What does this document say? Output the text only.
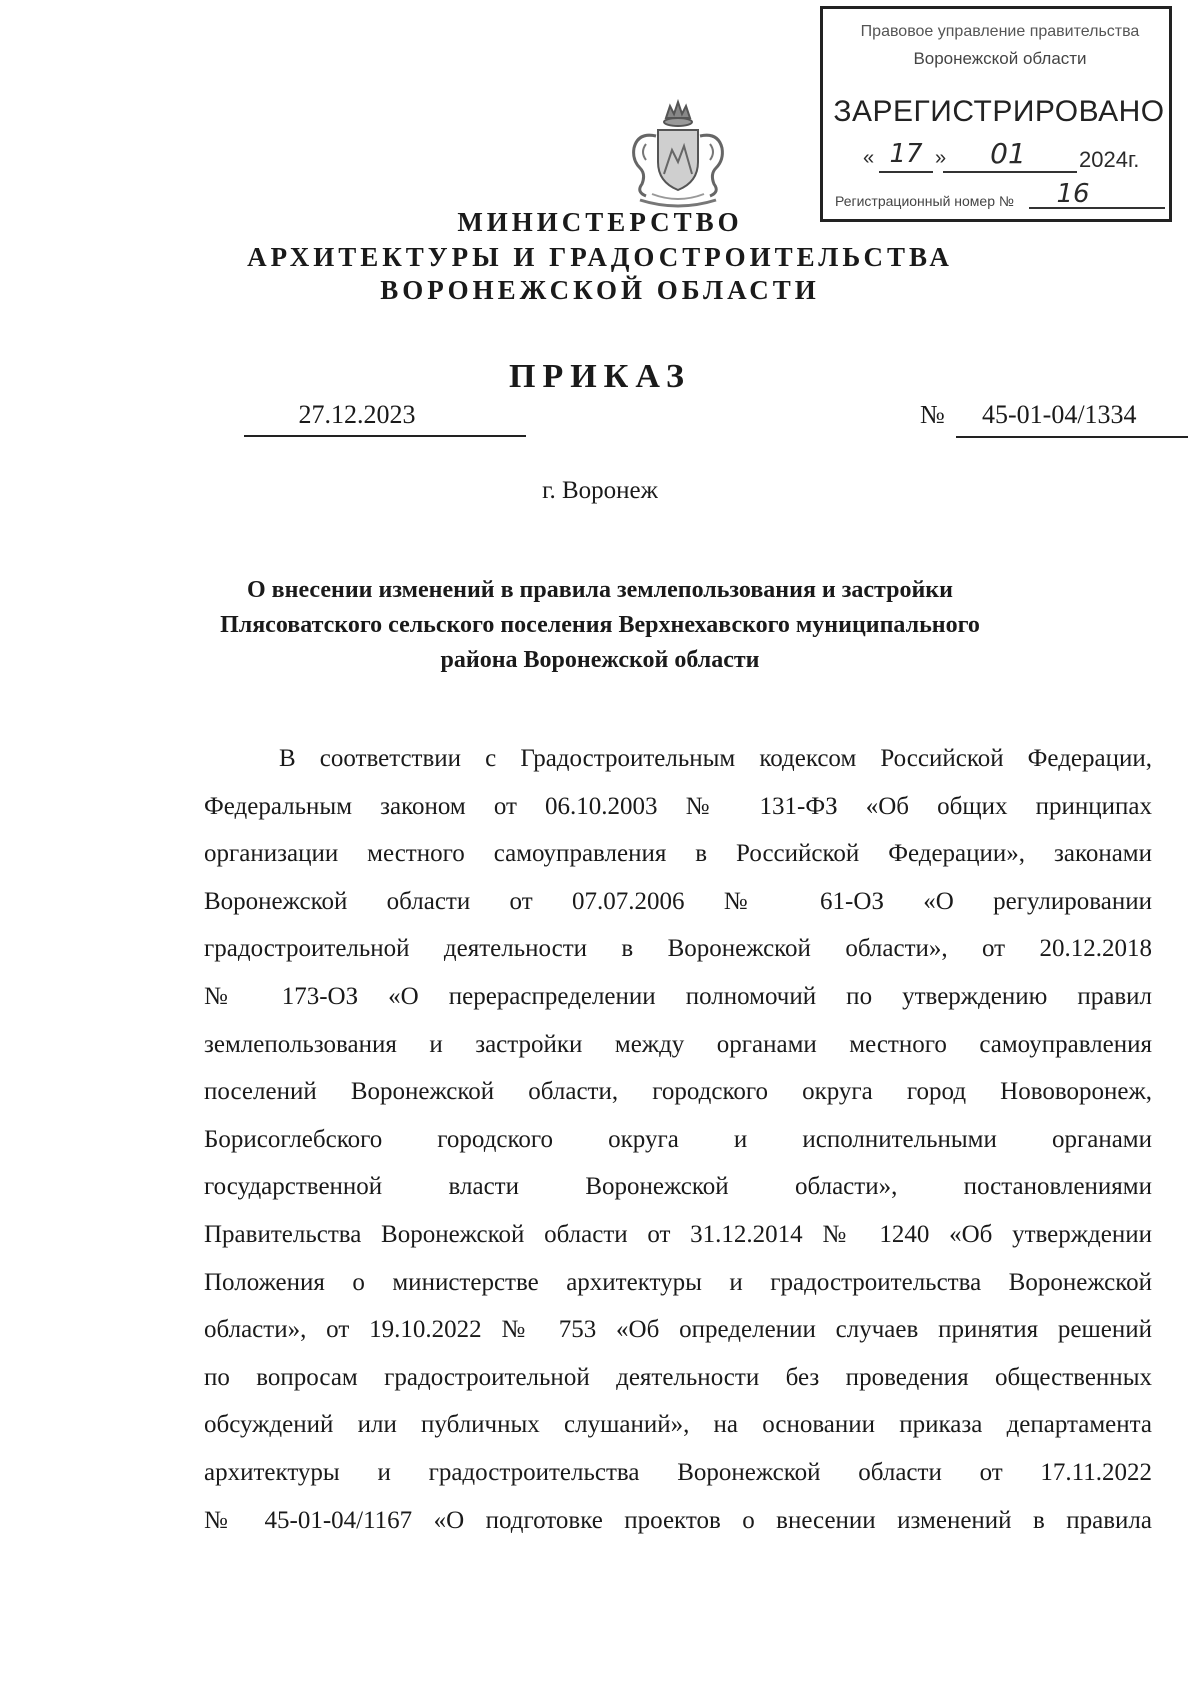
Правовое управление правительства
Воронежской области
ЗАРЕГИСТРИРОВАНО
« 17 »	01	2024г.
Регистрационный номер №	16
МИНИСТЕРСТВО
АРХИТЕКТУРЫ И ГРАДОСТРОИТЕЛЬСТВА
ВОРОНЕЖСКОЙ ОБЛАСТИ
ПРИКАЗ
27.12.2023	№ 45-01-04/1334
г. Воронеж
О внесении изменений в правила землепользования и застройки
Плясоватского сельского поселения Верхнехавского муниципального
района Воронежской области
В соответствии с Градостроительным кодексом Российской Федерации,
Федеральным законом от 06.10.2003 № 131-ФЗ «Об общих принципах
организации местного самоуправления в Российской Федерации», законами
Воронежской области от 07.07.2006 № 61-ОЗ «О регулировании
градостроительной деятельности в Воронежской области», от 20.12.2018
№ 173-ОЗ «О перераспределении полномочий по утверждению правил
землепользования и застройки между органами местного самоуправления
поселений Воронежской области, городского округа город Нововоронеж,
Борисоглебского городского округа и исполнительными органами
государственной власти Воронежской области», постановлениями
Правительства Воронежской области от 31.12.2014 № 1240 «Об утверждении
Положения о министерстве архитектуры и градостроительства Воронежской
области», от 19.10.2022 № 753 «Об определении случаев принятия решений
по вопросам градостроительной деятельности без проведения общественных
обсуждений или публичных слушаний», на основании приказа департамента
архитектуры и градостроительства Воронежской области от 17.11.2022
№ 45-01-04/1167 «О подготовке проектов о внесении изменений в правила
